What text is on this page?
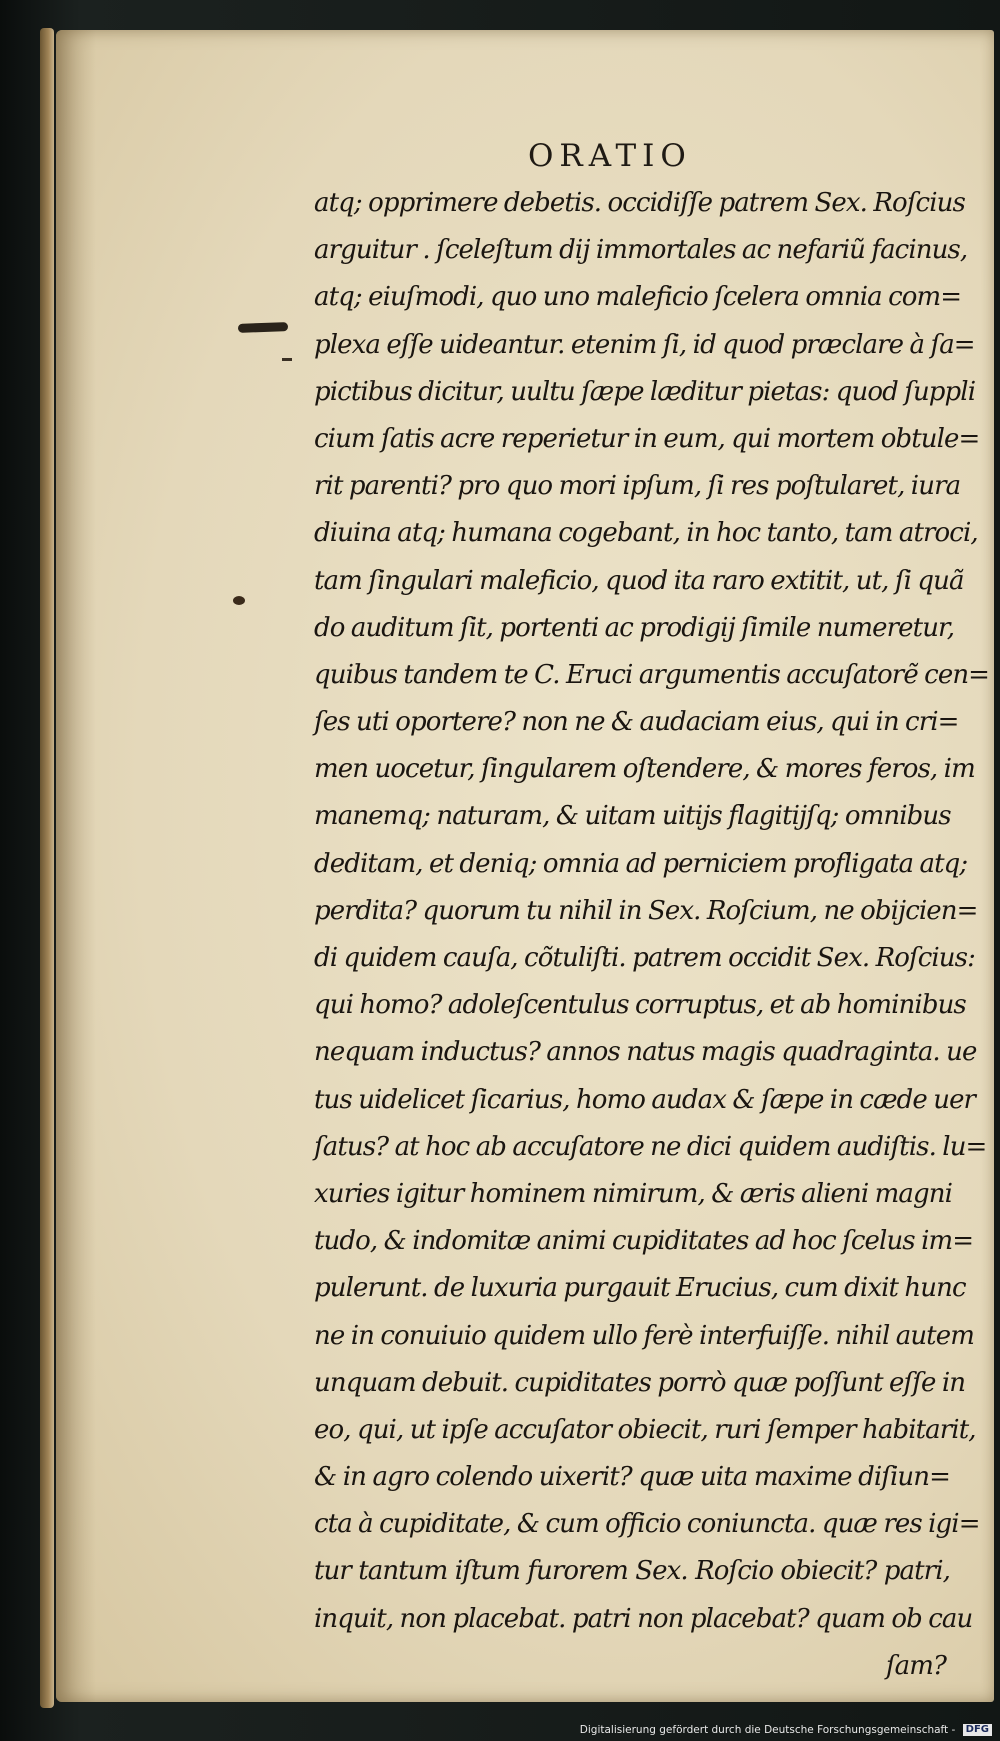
ORATIO
atq; opprimere debetis. occidiſſe patrem Sex. Roſcius
arguitur . ſceleſtum dij immortales ac nefariũ facinus,
atq; eiuſmodi, quo uno maleficio ſcelera omnia com=
plexa eſſe uideantur. etenim ſi, id quod præclare à ſa=
pictibus dicitur, uultu ſæpe læditur pietas: quod ſuppli
cium ſatis acre reperietur in eum, qui mortem obtule=
rit parenti? pro quo mori ipſum, ſi res poſtularet, iura
diuina atq; humana cogebant, in hoc tanto, tam atroci,
tam ſingulari maleficio, quod ita raro extitit, ut, ſi quã
do auditum ſit, portenti ac prodigij ſimile numeretur,
quibus tandem te C. Eruci argumentis accuſatorẽ cen=
ſes uti oportere? non ne & audaciam eius, qui in cri=
men uocetur, ſingularem oſtendere, & mores feros, im
manemq; naturam, & uitam uitijs flagitijſq; omnibus
deditam, et deniq; omnia ad perniciem profligata atq;
perdita? quorum tu nihil in Sex. Roſcium, ne obijcien=
di quidem cauſa, cõtuliſti. patrem occidit Sex. Roſcius:
qui homo? adoleſcentulus corruptus, et ab hominibus
nequam inductus? annos natus magis quadraginta. ue
tus uidelicet ſicarius, homo audax & ſæpe in cæde uer
ſatus? at hoc ab accuſatore ne dici quidem audiſtis. lu=
xuries igitur hominem nimirum, & æris alieni magni
tudo, & indomitæ animi cupiditates ad hoc ſcelus im=
pulerunt. de luxuria purgauit Erucius, cum dixit hunc
ne in conuiuio quidem ullo ferè interfuiſſe. nihil autem
unquam debuit. cupiditates porrò quæ poſſunt eſſe in
eo, qui, ut ipſe accuſator obiecit, ruri ſemper habitarit,
& in agro colendo uixerit? quæ uita maxime diſiun=
cta à cupiditate, & cum officio coniuncta. quæ res igi=
tur tantum iſtum furorem Sex. Roſcio obiecit? patri,
inquit, non placebat. patri non placebat? quam ob cau
ſam?
Digitalisierung gefördert durch die Deutsche Forschungsgemeinschaft - DFG
